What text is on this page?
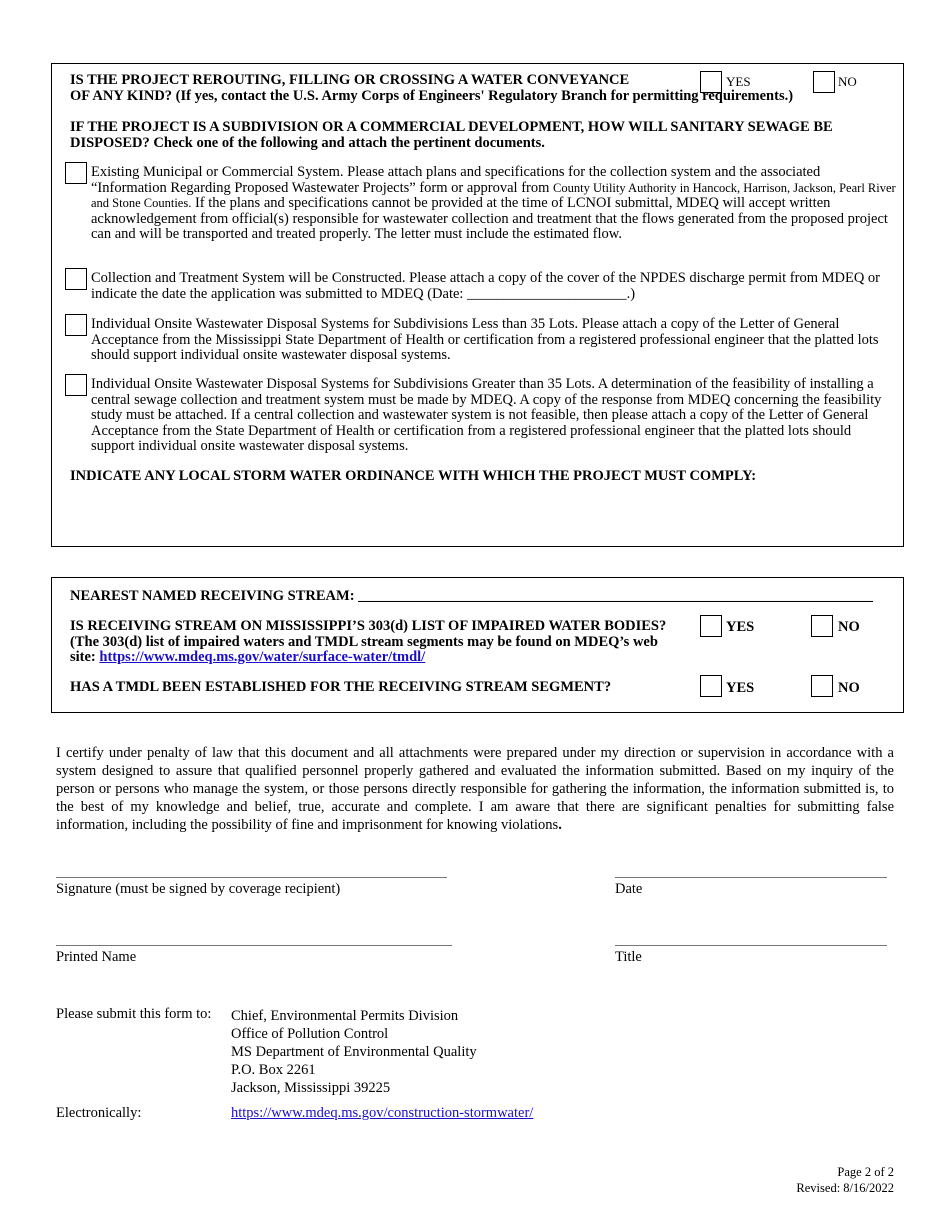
IS THE PROJECT REROUTING, FILLING OR CROSSING A WATER CONVEYANCE	YES	NO
OF ANY KIND? (If yes, contact the U.S. Army Corps of Engineers' Regulatory Branch for permitting requirements.)
IF THE PROJECT IS A SUBDIVISION OR A COMMERCIAL DEVELOPMENT, HOW WILL SANITARY SEWAGE BE DISPOSED? Check one of the following and attach the pertinent documents.
Existing Municipal or Commercial System. Please attach plans and specifications for the collection system and the associated “Information Regarding Proposed Wastewater Projects” form or approval from County Utility Authority in Hancock, Harrison, Jackson, Pearl River and Stone Counties. If the plans and specifications cannot be provided at the time of LCNOI submittal, MDEQ will accept written acknowledgement from official(s) responsible for wastewater collection and treatment that the flows generated from the proposed project can and will be transported and treated properly. The letter must include the estimated flow.
Collection and Treatment System will be Constructed. Please attach a copy of the cover of the NPDES discharge permit from MDEQ or indicate the date the application was submitted to MDEQ (Date: ______________________.)
Individual Onsite Wastewater Disposal Systems for Subdivisions Less than 35 Lots. Please attach a copy of the Letter of General Acceptance from the Mississippi State Department of Health or certification from a registered professional engineer that the platted lots should support individual onsite wastewater disposal systems.
Individual Onsite Wastewater Disposal Systems for Subdivisions Greater than 35 Lots. A determination of the feasibility of installing a central sewage collection and treatment system must be made by MDEQ. A copy of the response from MDEQ concerning the feasibility study must be attached. If a central collection and wastewater system is not feasible, then please attach a copy of the Letter of General Acceptance from the State Department of Health or certification from a registered professional engineer that the platted lots should support individual onsite wastewater disposal systems.
INDICATE ANY LOCAL STORM WATER ORDINANCE WITH WHICH THE PROJECT MUST COMPLY:
NEAREST NAMED RECEIVING STREAM: _______________________________________________________________________
IS RECEIVING STREAM ON MISSISSIPPI’S 303(d) LIST OF IMPAIRED WATER BODIES? (The 303(d) list of impaired waters and TMDL stream segments may be found on MDEQ’s web site: https://www.mdeq.ms.gov/water/surface-water/tmdl/
YES	NO
HAS A TMDL BEEN ESTABLISHED FOR THE RECEIVING STREAM SEGMENT?	YES	NO
I certify under penalty of law that this document and all attachments were prepared under my direction or supervision in accordance with a system designed to assure that qualified personnel properly gathered and evaluated the information submitted. Based on my inquiry of the person or persons who manage the system, or those persons directly responsible for gathering the information, the information submitted is, to the best of my knowledge and belief, true, accurate and complete. I am aware that there are significant penalties for submitting false information, including the possibility of fine and imprisonment for knowing violations.
Signature (must be signed by coverage recipient)	Date
Printed Name	Title
Please submit this form to: Chief, Environmental Permits Division
Office of Pollution Control
MS Department of Environmental Quality
P.O. Box 2261
Jackson, Mississippi 39225
Electronically:	https://www.mdeq.ms.gov/construction-stormwater/
Page 2 of 2
Revised: 8/16/2022
